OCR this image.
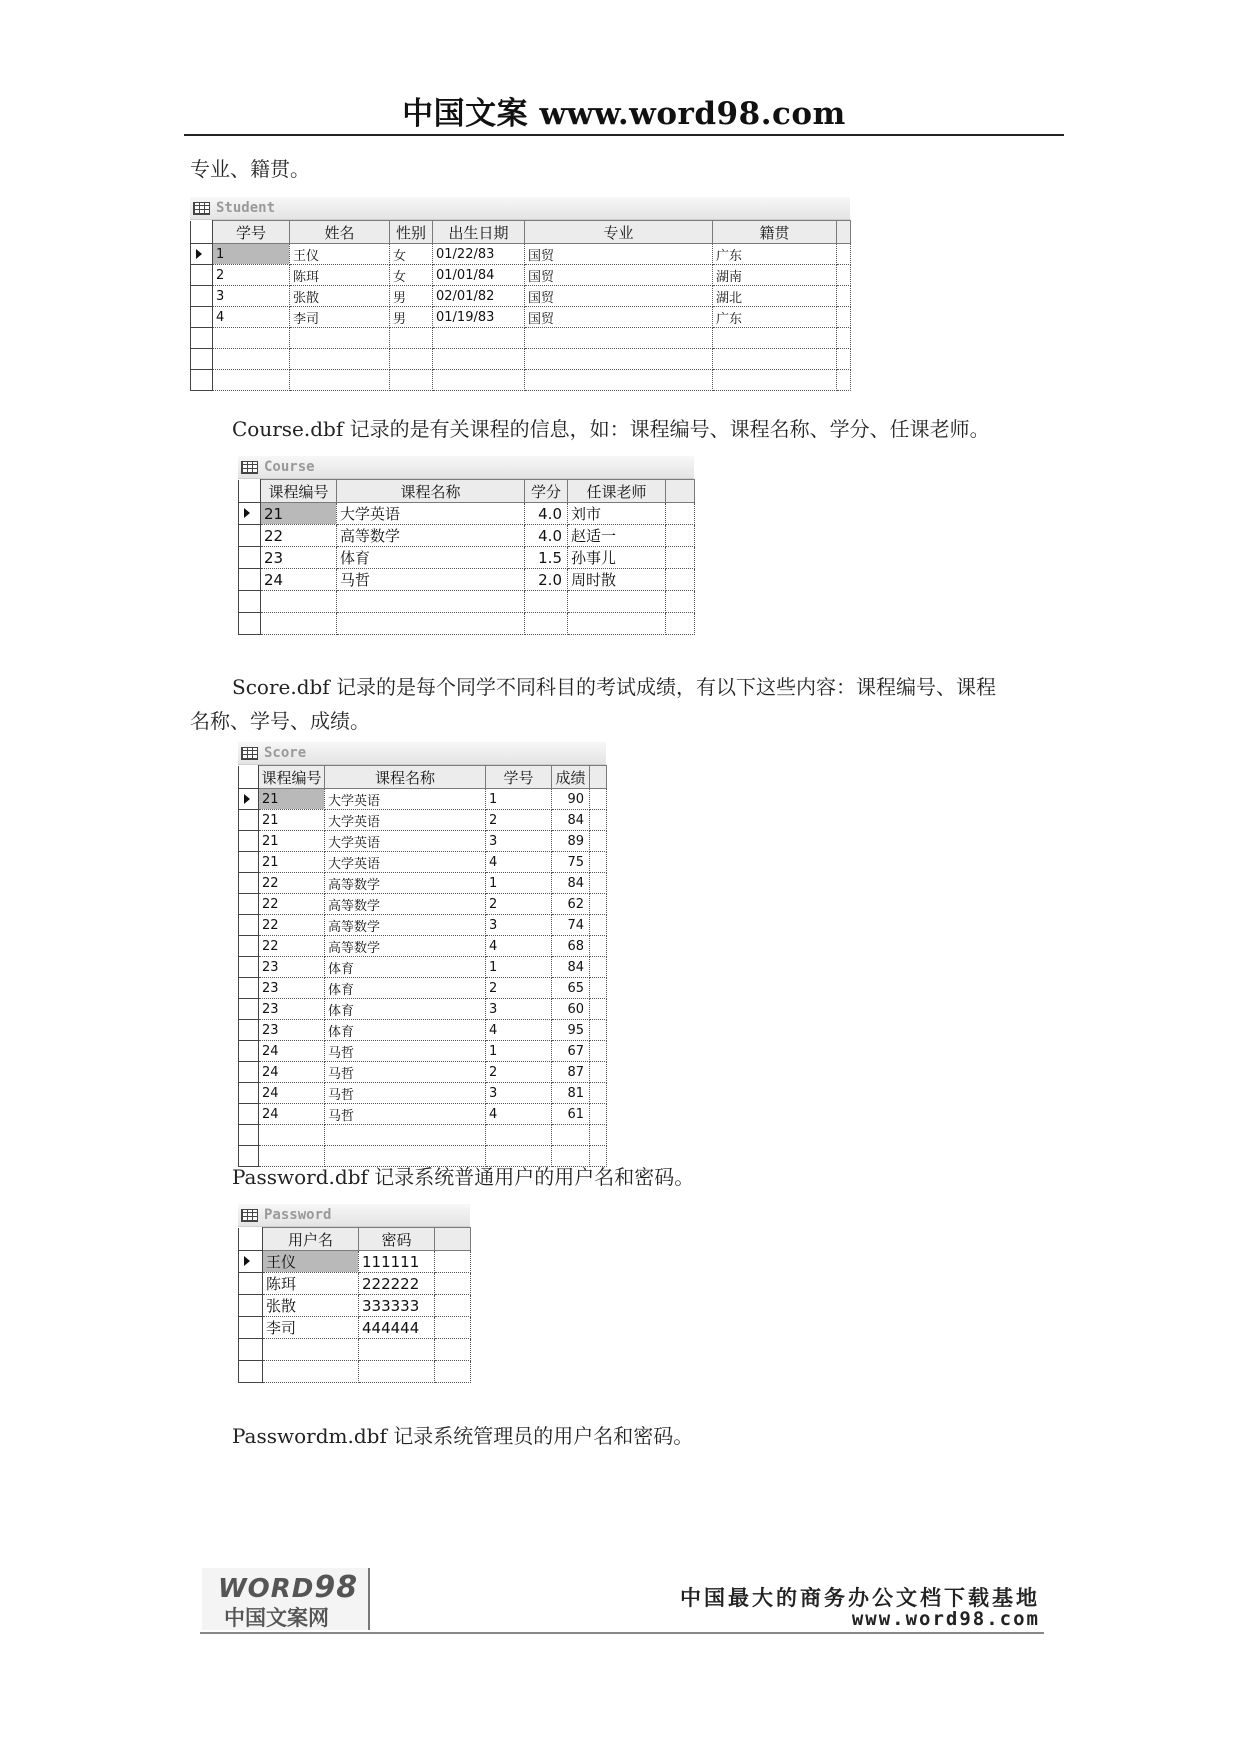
中国文案 www.word98.com
专业、籍贯。
Student
	学号	姓名	性别	出生日期	专业	籍贯	
	1	王仪	女	01/22/83	国贸	广东	
	2	陈珥	女	01/01/84	国贸	湖南	
	3	张散	男	02/01/82	国贸	湖北	
	4	李司	男	01/19/83	国贸	广东	

Course.dbf 记录的是有关课程的信息，如：课程编号、课程名称、学分、任课老师。
Course
	课程编号	课程名称	学分	任课老师	
	21	大学英语	4.0	刘市	
	22	高等数学	4.0	赵适一	
	23	体育	1.5	孙事儿	
	24	马哲	2.0	周时散	

Score.dbf 记录的是每个同学不同科目的考试成绩，有以下这些内容：课程编号、课程
名称、学号、成绩。
Score
	课程编号	课程名称	学号	成绩	
	21	大学英语	1	90	
	21	大学英语	2	84	
	21	大学英语	3	89	
	21	大学英语	4	75	
	22	高等数学	1	84	
	22	高等数学	2	62	
	22	高等数学	3	74	
	22	高等数学	4	68	
	23	体育	1	84	
	23	体育	2	65	
	23	体育	3	60	
	23	体育	4	95	
	24	马哲	1	67	
	24	马哲	2	87	
	24	马哲	3	81	
	24	马哲	4	61	

Password.dbf 记录系统普通用户的用户名和密码。
Password
	用户名	密码	
	王仪	111111	
	陈珥	222222	
	张散	333333	
	李司	444444	

Passwordm.dbf 记录系统管理员的用户名和密码。
WORD98
中国文案网
中国最大的商务办公文档下载基地
www.word98.com
